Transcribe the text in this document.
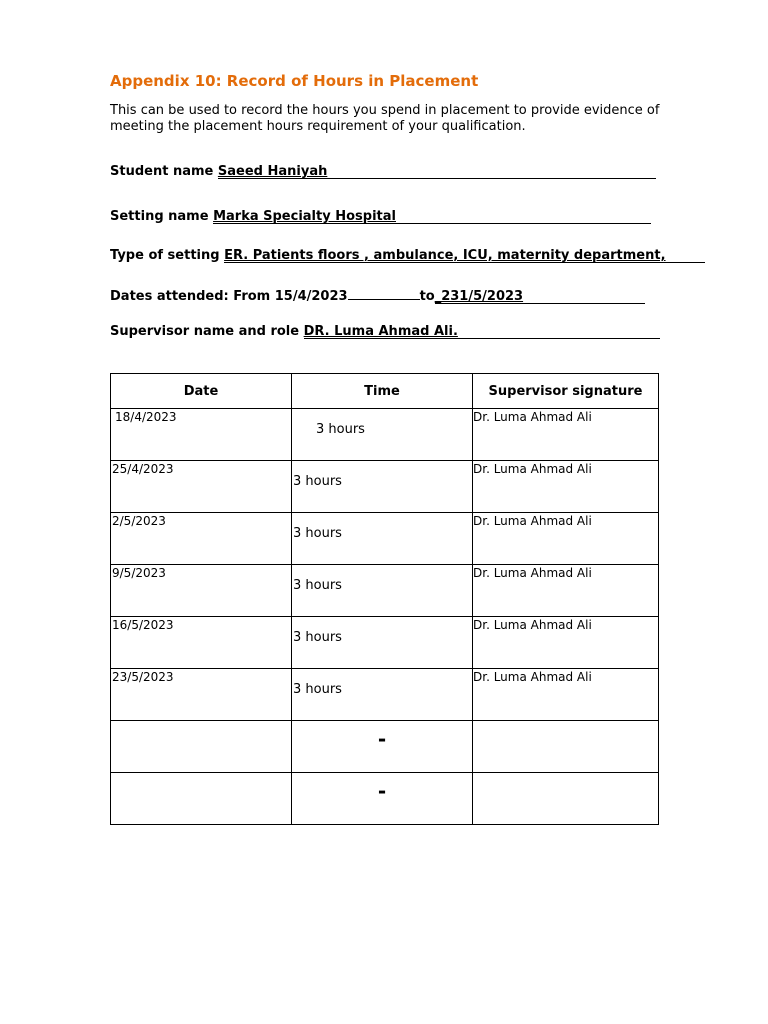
Appendix 10: Record of Hours in Placement
This can be used to record the hours you spend in placement to provide evidence of meeting the placement hours requirement of your qualification.
Student name Saeed Haniyah
Setting name Marka Specialty Hospital
Type of setting ER. Patients floors , ambulance, ICU, maternity department,
Dates attended: From 15/4/2023	to_231/5/2023
Supervisor name and role DR. Luma Ahmad Ali.
Date	Time	Supervisor signature

18/4/2023	3 hours	Dr. Luma Ahmad Ali

25/4/2023	3 hours	Dr. Luma Ahmad Ali

2/5/2023	3 hours	Dr. Luma Ahmad Ali

9/5/2023	3 hours	Dr. Luma Ahmad Ali

16/5/2023	3 hours	Dr. Luma Ahmad Ali

23/5/2023	3 hours	Dr. Luma Ahmad Ali

	-	

	-	
